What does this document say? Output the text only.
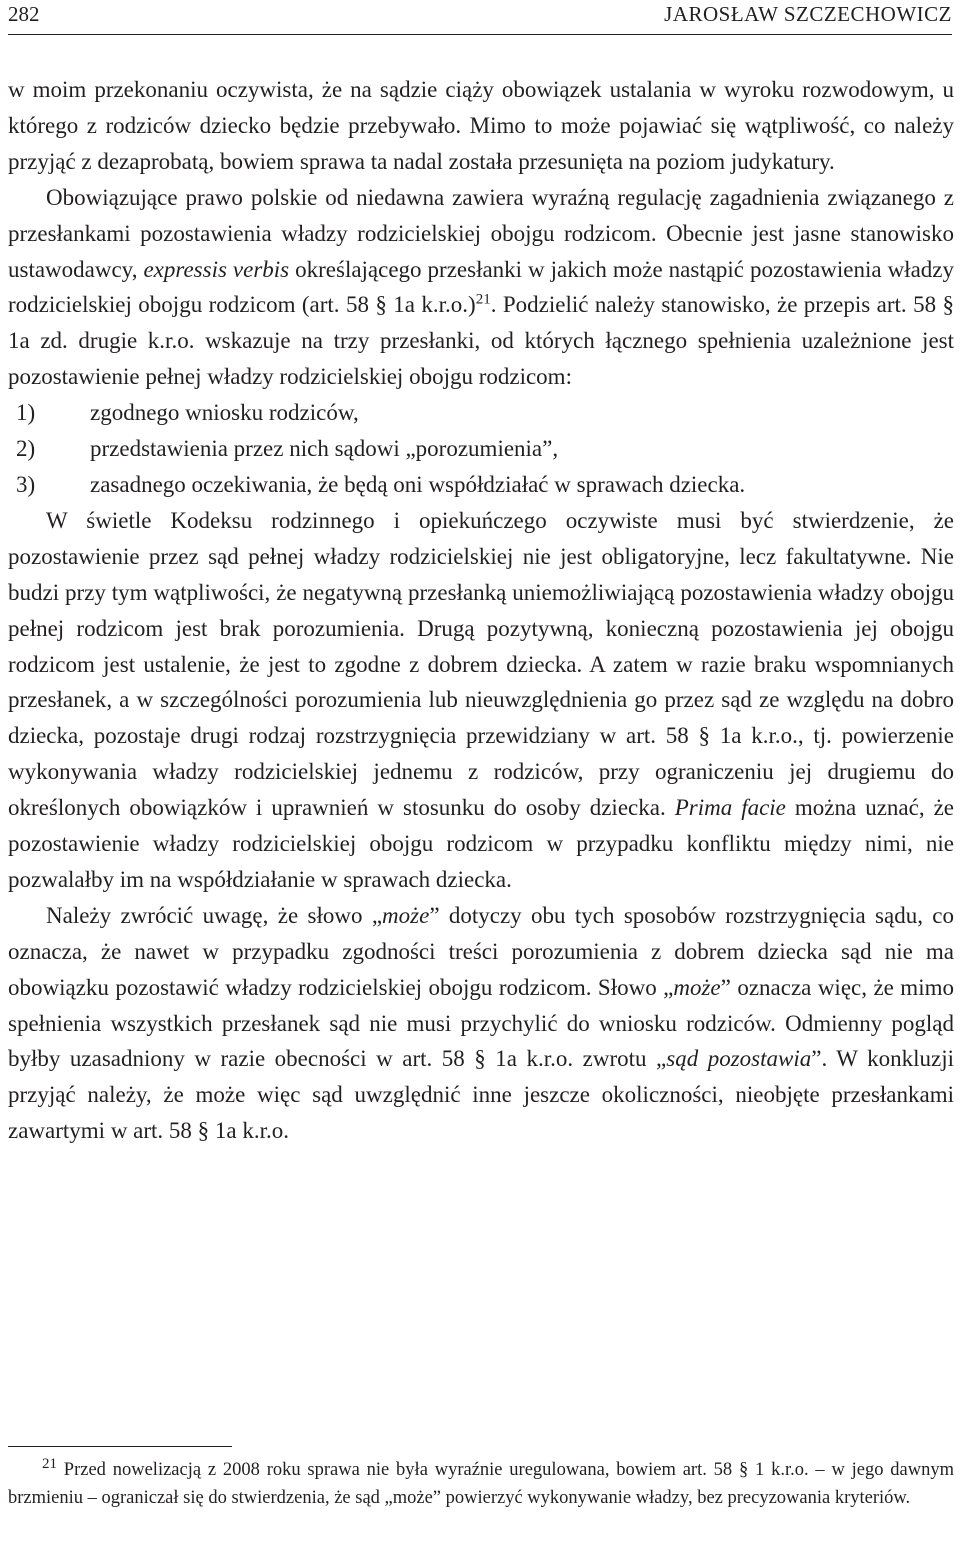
282	JAROSŁAW SZCZECHOWICZ

w moim przekonaniu oczywista, że na sądzie ciąży obowiązek ustalania w wyroku rozwodowym, u którego z rodziców dziecko będzie przebywało. Mimo to może pojawiać się wątpliwość, co należy przyjąć z dezaprobatą, bowiem sprawa ta nadal została przesunięta na poziom judykatury.

Obowiązujące prawo polskie od niedawna zawiera wyraźną regulację zagadnienia związanego z przesłankami pozostawienia władzy rodzicielskiej obojgu rodzicom. Obecnie jest jasne stanowisko ustawodawcy, expressis verbis określającego przesłanki w jakich może nastąpić pozostawienia władzy rodzicielskiej obojgu rodzicom (art. 58 § 1a k.r.o.)$^{21}$. Podzielić należy stanowisko, że przepis art. 58 § 1a zd. drugie k.r.o. wskazuje na trzy przesłanki, od których łącznego spełnienia uzależnione jest pozostawienie pełnej władzy rodzicielskiej obojgu rodzicom:

1) zgodnego wniosku rodziców,

2) przedstawienia przez nich sądowi „porozumienia”,

3) zasadnego oczekiwania, że będą oni współdziałać w sprawach dziecka.

W świetle Kodeksu rodzinnego i opiekuńczego oczywiste musi być stwierdzenie, że pozostawienie przez sąd pełnej władzy rodzicielskiej nie jest obligatoryjne, lecz fakultatywne. Nie budzi przy tym wątpliwości, że negatywną przesłanką uniemożliwiającą pozostawienia władzy obojgu pełnej rodzicom jest brak porozumienia. Drugą pozytywną, konieczną pozostawienia jej obojgu rodzicom jest ustalenie, że jest to zgodne z dobrem dziecka. A zatem w razie braku wspomnianych przesłanek, a w szczególności porozumienia lub nieuwzględnienia go przez sąd ze względu na dobro dziecka, pozostaje drugi rodzaj rozstrzygnięcia przewidziany w art. 58 § 1a k.r.o., tj. powierzenie wykonywania władzy rodzicielskiej jednemu z rodziców, przy ograniczeniu jej drugiemu do określonych obowiązków i uprawnień w stosunku do osoby dziecka. Prima facie można uznać, że pozostawienie władzy rodzicielskiej obojgu rodzicom w przypadku konfliktu między nimi, nie pozwalałby im na współdziałanie w sprawach dziecka.

Należy zwrócić uwagę, że słowo „może” dotyczy obu tych sposobów rozstrzygnięcia sądu, co oznacza, że nawet w przypadku zgodności treści porozumienia z dobrem dziecka sąd nie ma obowiązku pozostawić władzy rodzicielskiej obojgu rodzicom. Słowo „może” oznacza więc, że mimo spełnienia wszystkich przesłanek sąd nie musi przychylić do wniosku rodziców. Odmienny pogląd byłby uzasadniony w razie obecności w art. 58 § 1a k.r.o. zwrotu „sąd pozostawia”. W konkluzji przyjąć należy, że może więc sąd uwzględnić inne jeszcze okoliczności, nieobjęte przesłankami zawartymi w art. 58 § 1a k.r.o.

$^{21}$ Przed nowelizacją z 2008 roku sprawa nie była wyraźnie uregulowana, bowiem art. 58 § 1 k.r.o. – w jego dawnym brzmieniu – ograniczał się do stwierdzenia, że sąd „może” powierzyć wykonywanie władzy, bez precyzowania kryteriów.
